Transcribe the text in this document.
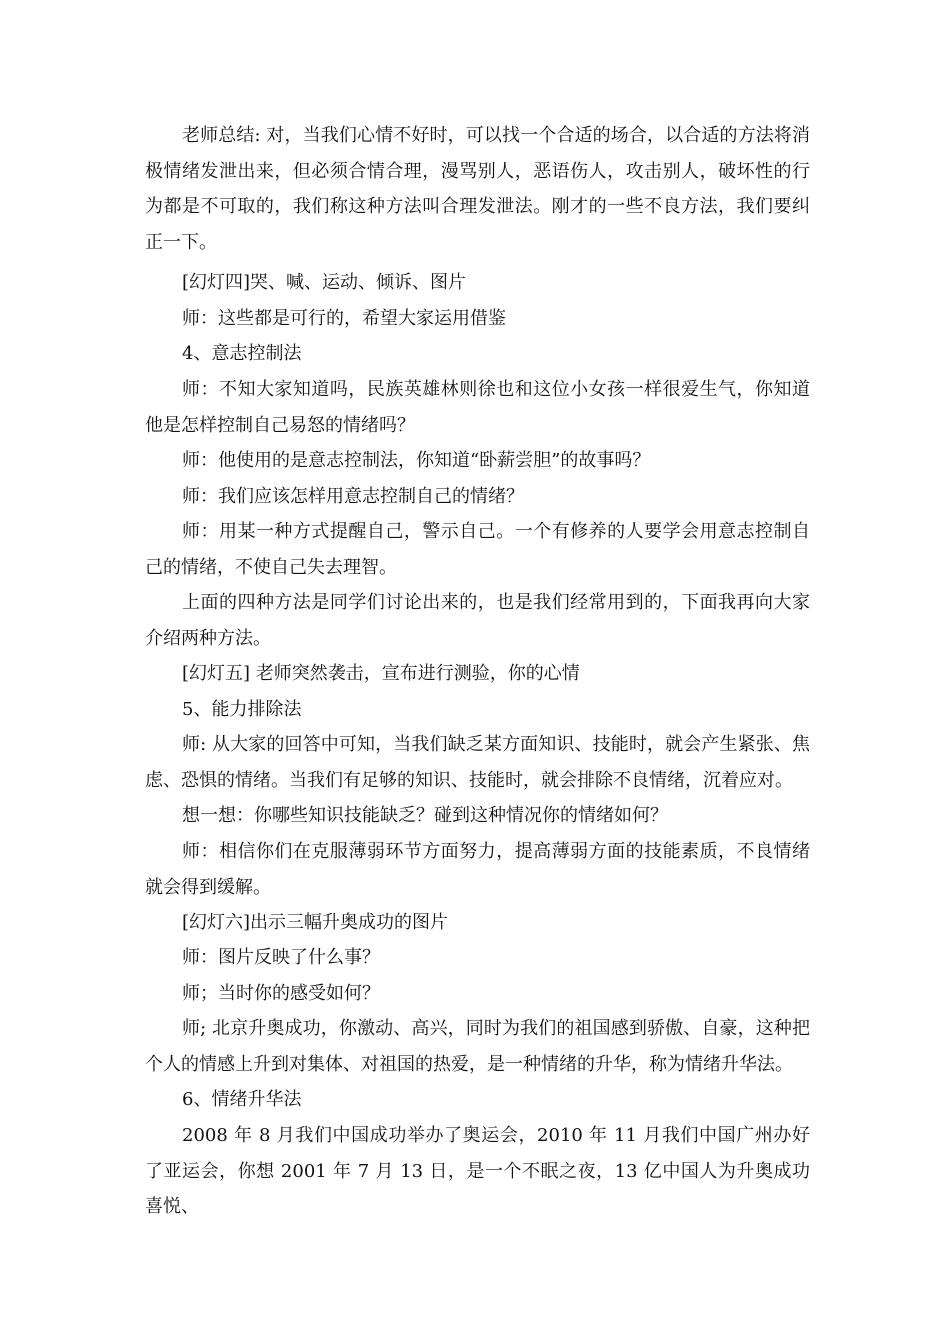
老师总结: 对，当我们心情不好时，可以找一个合适的场合，以合适的方法将消极情绪发泄出来，但必须合情合理，漫骂别人，恶语伤人，攻击别人，破坏性的行为都是不可取的，我们称这种方法叫合理发泄法。刚才的一些不良方法，我们要纠正一下。

[幻灯四]哭、喊、运动、倾诉、图片

师：这些都是可行的，希望大家运用借鉴

4、意志控制法

师：不知大家知道吗，民族英雄林则徐也和这位小女孩一样很爱生气，你知道他是怎样控制自己易怒的情绪吗？

师：他使用的是意志控制法，你知道“卧薪尝胆”的故事吗？

师：我们应该怎样用意志控制自己的情绪？

师：用某一种方式提醒自己，警示自己。一个有修养的人要学会用意志控制自己的情绪，不使自己失去理智。

上面的四种方法是同学们讨论出来的，也是我们经常用到的，下面我再向大家介绍两种方法。

[幻灯五] 老师突然袭击，宣布进行测验，你的心情

5、能力排除法

师: 从大家的回答中可知，当我们缺乏某方面知识、技能时，就会产生紧张、焦虑、恐惧的情绪。当我们有足够的知识、技能时，就会排除不良情绪，沉着应对。

想一想：你哪些知识技能缺乏？碰到这种情况你的情绪如何？

师：相信你们在克服薄弱环节方面努力，提高薄弱方面的技能素质，不良情绪就会得到缓解。

[幻灯六]出示三幅升奥成功的图片

师：图片反映了什么事？

师；当时你的感受如何？

师; 北京升奥成功，你激动、高兴，同时为我们的祖国感到骄傲、自豪，这种把个人的情感上升到对集体、对祖国的热爱，是一种情绪的升华，称为情绪升华法。

6、情绪升华法

2008 年 8 月我们中国成功举办了奥运会，2010 年 11 月我们中国广州办好了亚运会，你想 2001 年 7 月 13 日，是一个不眠之夜，13 亿中国人为升奥成功喜悦、
